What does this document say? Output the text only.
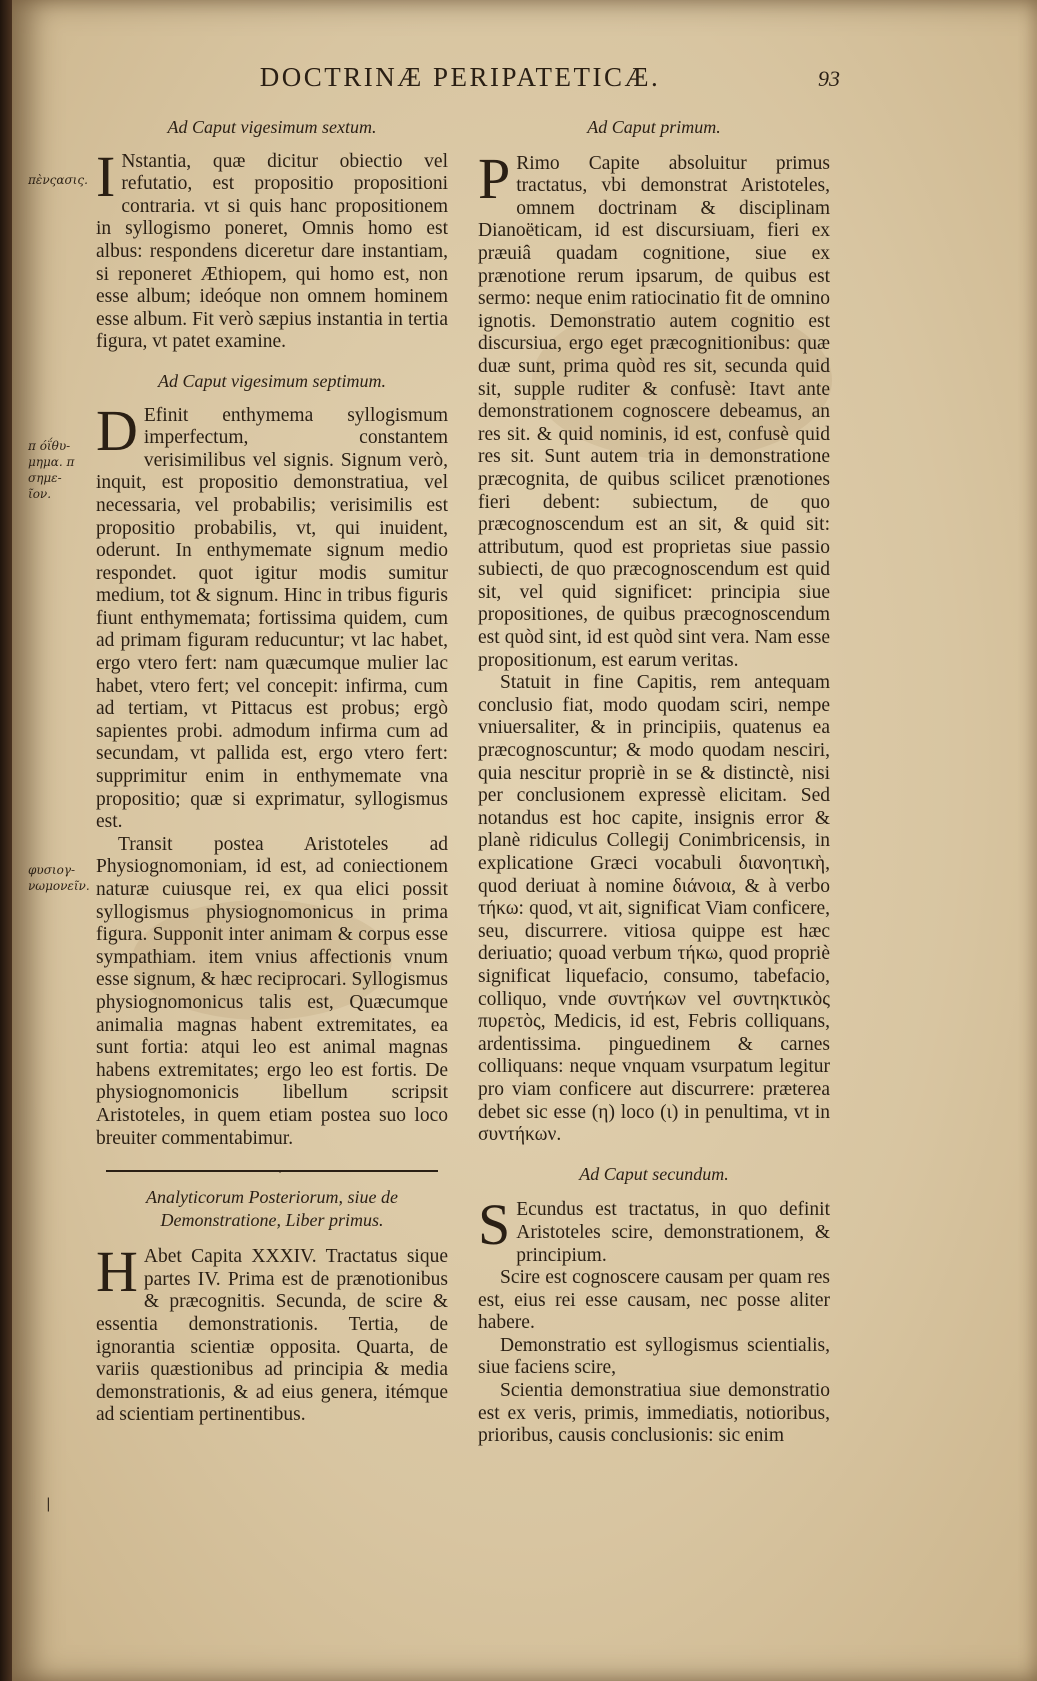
DOCTRINÆ PERIPATETICÆ.	93
πὲνςασις.
π όΐθυ- μημα. π σημε- ῖον.
φυσιογ- νωμονεῖν.
Ad Caput vigesimum sextum.

I Nstantia, quæ dicitur obiectio vel refutatio, est propositio propositioni contraria. vt si quis hanc propositionem in syllogismo poneret, Omnis homo est albus: respondens diceretur dare instantiam, si reponeret Æthiopem, qui homo est, non esse album; ideóque non omnem hominem esse album. Fit verò sæpius instantia in tertia figura, vt patet examine.

Ad Caput vigesimum septimum.

D Efinit enthymema syllogismum imperfectum, constantem verisimilibus vel signis. Signum verò, inquit, est propositio demonstratiua, vel necessaria, vel probabilis; verisimilis est propositio probabilis, vt, qui inuident, oderunt. In enthymemate signum medio respondet. quot igitur modis sumitur medium, tot & signum. Hinc in tribus figuris fiunt enthymemata; fortissima quidem, cum ad primam figuram reducuntur; vt lac habet, ergo vtero fert: nam quæcumque mulier lac habet, vtero fert; vel concepit: infirma, cum ad tertiam, vt Pittacus est probus; ergò sapientes probi. admodum infirma cum ad secundam, vt pallida est, ergo vtero fert: supprimitur enim in enthymemate vna propositio; quæ si exprimatur, syllogismus est.

Transit postea Aristoteles ad Physiognomoniam, id est, ad coniectionem naturæ cuiusque rei, ex qua elici possit syllogismus physiognomonicus in prima figura. Supponit inter animam & corpus esse sympathiam. item vnius affectionis vnum esse signum, & hæc reciprocari. Syllogismus physiognomonicus talis est, Quæcumque animalia magnas habent extremitates, ea sunt fortia: atqui leo est animal magnas habens extremitates; ergo leo est fortis. De physiognomonicis libellum scripsit Aristoteles, in quem etiam postea suo loco breuiter commentabimur.

ˇ
Analyticorum Posteriorum, siue de Demonstratione, Liber primus.

H Abet Capita XXXIV. Tractatus sique partes IV. Prima est de prænotionibus & præcognitis. Secunda, de scire & essentia demonstrationis. Tertia, de ignorantia scientiæ opposita. Quarta, de variis quæstionibus ad principia & media demonstrationis, & ad eius genera, itémque ad scientiam pertinentibus.

Ad Caput primum.

P Rimo Capite absoluitur primus tractatus, vbi demonstrat Aristoteles, omnem doctrinam & disciplinam Dianoëticam, id est discursiuam, fieri ex præuiâ quadam cognitione, siue ex prænotione rerum ipsarum, de quibus est sermo: neque enim ratiocinatio fit de omnino ignotis. Demonstratio autem cognitio est discursiua, ergo eget præcognitionibus: quæ duæ sunt, prima quòd res sit, secunda quid sit, supple ruditer & confusè: Itavt ante demonstrationem cognoscere debeamus, an res sit. & quid nominis, id est, confusè quid res sit. Sunt autem tria in demonstratione præcognita, de quibus scilicet prænotiones fieri debent: subiectum, de quo præcognoscendum est an sit, & quid sit: attributum, quod est proprietas siue passio subiecti, de quo præcognoscendum est quid sit, vel quid significet: principia siue propositiones, de quibus præcognoscendum est quòd sint, id est quòd sint vera. Nam esse propositionum, est earum veritas.

Statuit in fine Capitis, rem antequam conclusio fiat, modo quodam sciri, nempe vniuersaliter, & in principiis, quatenus ea præcognoscuntur; & modo quodam nesciri, quia nescitur propriè in se & distinctè, nisi per conclusionem expressè elicitam. Sed notandus est hoc capite, insignis error & planè ridiculus Collegij Conimbricensis, in explicatione Græci vocabuli διανοητικὴ, quod deriuat à nomine διάνοια, & à verbo τήκω: quod, vt ait, significat Viam conficere, seu, discurrere. vitiosa quippe est hæc deriuatio; quoad verbum τήκω, quod propriè significat liquefacio, consumo, tabefacio, colliquo, vnde συντήκων vel συντηκτικὸς πυρετὸς, Medicis, id est, Febris colliquans, ardentissima. pinguedinem & carnes colliquans: neque vnquam vsurpatum legitur pro viam conficere aut discurrere: præterea debet sic esse (η) loco (ι) in penultima, vt in συντήκων.

Ad Caput secundum.

S Ecundus est tractatus, in quo definit Aristoteles scire, demonstrationem, & principium.

Scire est cognoscere causam per quam res est, eius rei esse causam, nec posse aliter habere.

Demonstratio est syllogismus scientialis, siue faciens scire,

Scientia demonstratiua siue demonstratio est ex veris, primis, immediatis, notioribus, prioribus, causis conclusionis: sic enim

|
